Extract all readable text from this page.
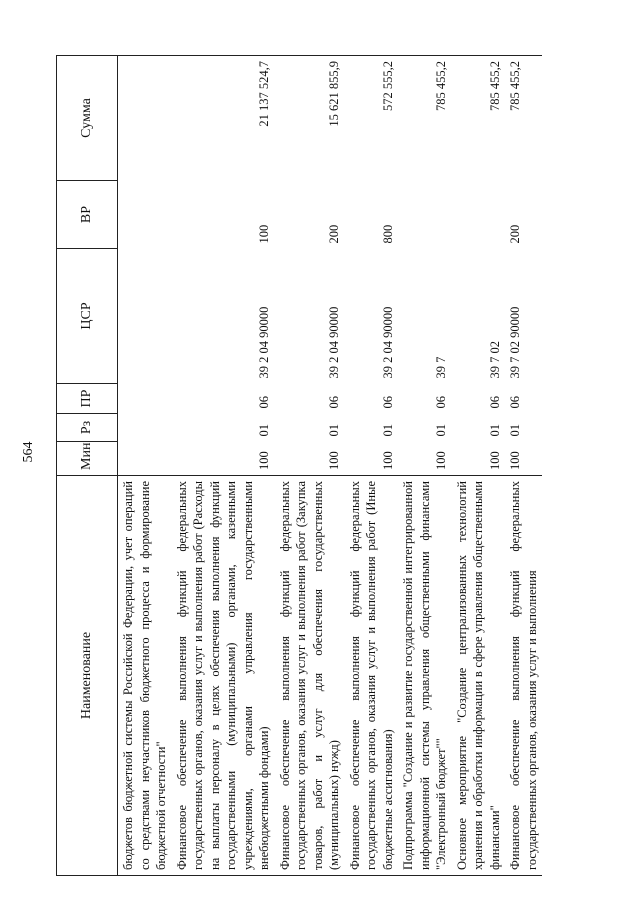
564
Наименование	Мин	Рз	ПР	ЦСР	ВР	Сумма
бюджетов бюджетной системы Российской Федерации, учет операций со средствами неучастников бюджетного процесса и формирование бюджетной отчетности"						
Финансовое обеспечение выполнения функций федеральных государственных органов, оказания услуг и выполнения работ (Расходы на выплаты персоналу в целях обеспечения выполнения функций государственными (муниципальными) органами, казенными учреждениями, органами управления государственными внебюджетными фондами)	100	01	06	39 2 04 90000	100	21 137 524,7
Финансовое обеспечение выполнения функций федеральных государственных органов, оказания услуг и выполнения работ (Закупка товаров, работ и услуг для обеспечения государственных (муниципальных) нужд)	100	01	06	39 2 04 90000	200	15 621 855,9
Финансовое обеспечение выполнения функций федеральных государственных органов, оказания услуг и выполнения работ (Иные бюджетные ассигнования)	100	01	06	39 2 04 90000	800	572 555,2
Подпрограмма "Создание и развитие государственной интегрированной информационной системы управления общественными финансами "Электронный бюджет""	100	01	06	39 7		785 455,2
Основное мероприятие "Создание централизованных технологий хранения и обработки информации в сфере управления общественными финансами"	100	01	06	39 7 02		785 455,2
Финансовое обеспечение выполнения функций федеральных государственных органов, оказания услуг и выполнения	100	01	06	39 7 02 90000	200	785 455,2
